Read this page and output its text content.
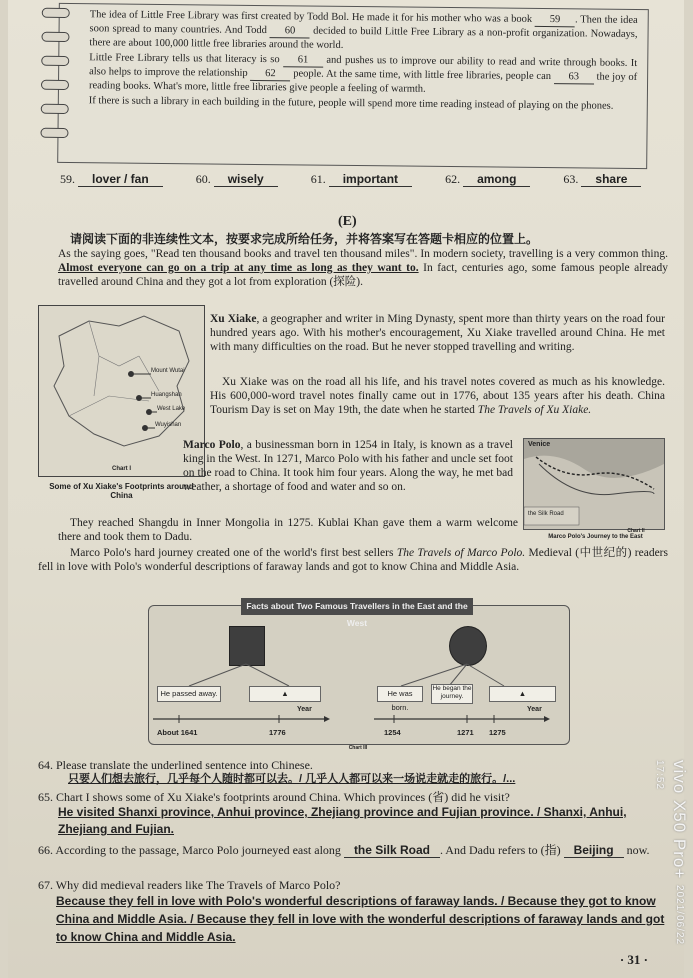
The idea of Little Free Library was first created by Todd Bol. He made it for his mother who was a book 59 . Then the idea soon spread to many countries. And Todd 60 decided to build Little Free Library as a non-profit organization. Nowadays, there are about 100,000 little free libraries around the world.

Little Free Library tells us that literacy is so 61 and pushes us to improve our ability to read and write through books. It also helps to improve the relationship 62 people. At the same time, with little free libraries, people can 63 the joy of reading books. What's more, little free libraries give people a feeling of warmth.

If there is such a library in each building in the future, people will spend more time reading instead of playing on the phones.

59. lover / fan	60. wisely	61. important	62. among	63. share
(E)
请阅读下面的非连续性文本，按要求完成所给任务，并将答案写在答题卡相应的位置上。
As the saying goes, "Read ten thousand books and travel ten thousand miles". In modern society, travelling is a very common thing. Almost everyone can go on a trip at any time as long as they want to. In fact, centuries ago, some famous people already travelled around China and they got a lot from exploration (探险).
Mount Wutai
Huangshan
West Lake
Wuyishan
Chart I
Some of Xu Xiake's Footprints around China
Xu Xiake, a geographer and writer in Ming Dynasty, spent more than thirty years on the road four hundred years ago. With his mother's encouragement, Xu Xiake travelled around China. He met with many difficulties on the road. But he never stopped travelling and writing.
Xu Xiake was on the road all his life, and his travel notes covered as much as his knowledge. His 600,000-word travel notes finally came out in 1776, about 135 years after his death. China Tourism Day is set on May 19th, the date when he started The Travels of Xu Xiake.
Marco Polo, a businessman born in 1254 in Italy, is known as a travel king in the West. In 1271, Marco Polo with his father and uncle set foot on the road to China. It took him four years. Along the way, he met bad weather, a shortage of food and water and so on.
Venice
the Silk Road
Chart II
Marco Polo's Journey to the East
They reached Shangdu in Inner Mongolia in 1275. Kublai Khan gave them a warm welcome there and took them to Dadu.
Marco Polo's hard journey created one of the world's first best sellers The Travels of Marco Polo. Medieval (中世纪的) readers fell in love with Polo's wonderful descriptions of faraway lands and got to know China and Middle Asia.
Facts about Two Famous Travellers in the East and the West
He passed away.	▲
Year
About 1641	1776
He was born.
He began the journey.	▲
Year
1254	1271 1275
Chart III
64. Please translate the underlined sentence into Chinese.
只要人们想去旅行，几乎每个人随时都可以去。/ 几乎人人都可以来一场说走就走的旅行。/...
65. Chart I shows some of Xu Xiake's footprints around China. Which provinces (省) did he visit?
He visited Shanxi province, Anhui province, Zhejiang province and Fujian province. / Shanxi, Anhui, Zhejiang and Fujian.
66. According to the passage, Marco Polo journeyed east along the Silk Road . And Dadu refers to (指) Beijing now.
67. Why did medieval readers like The Travels of Marco Polo?
Because they fell in love with Polo's wonderful descriptions of faraway lands. / Because they got to know China and Middle Asia. / Because they fell in love with the wonderful descriptions of faraway lands and got to know China and Middle Asia.
· 31 ·
vivo X50 Pro+ 2021/06/22 17:52
